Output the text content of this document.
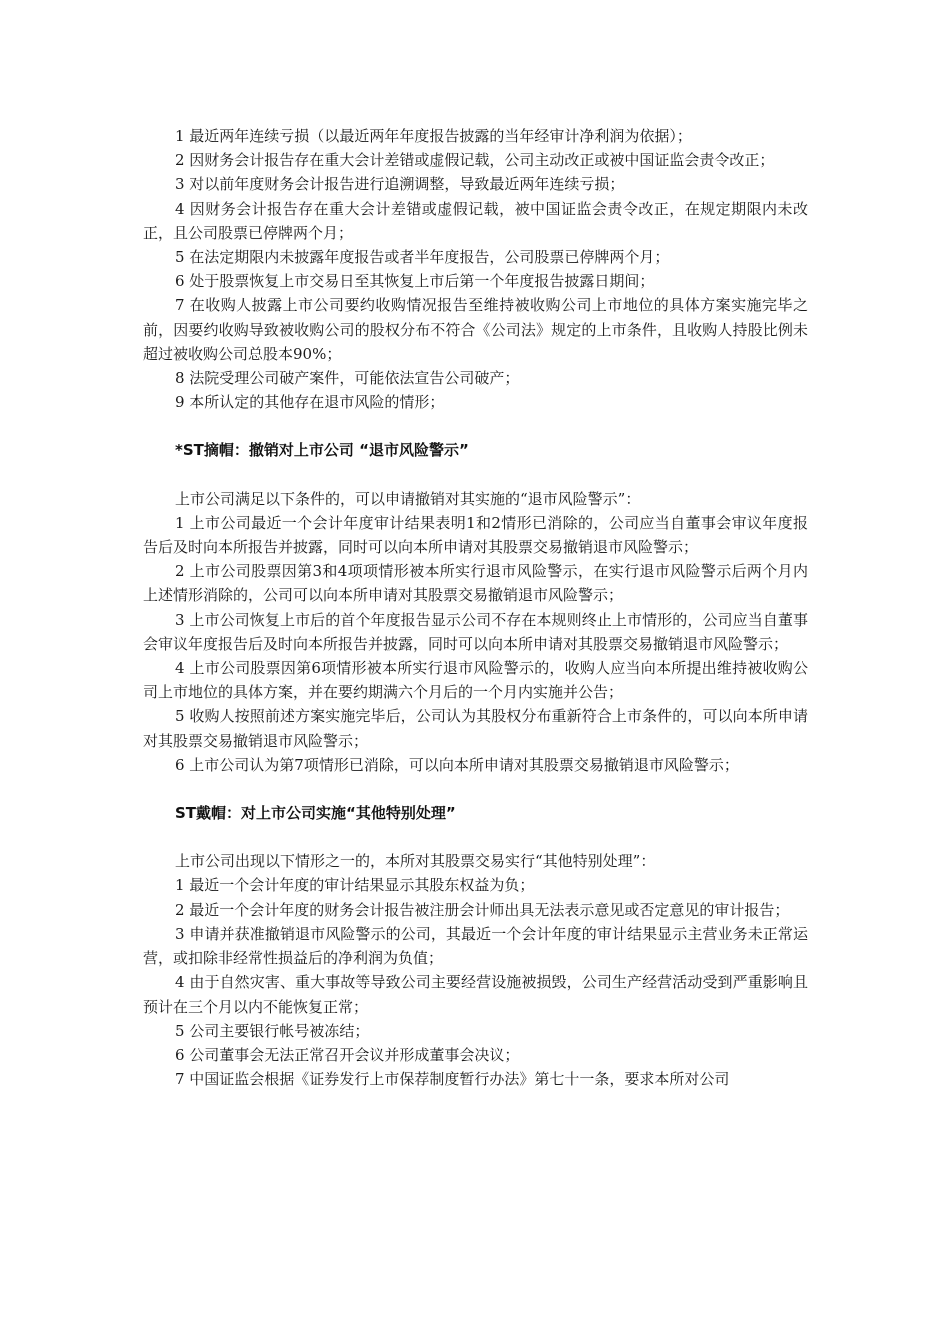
1 最近两年连续亏损（以最近两年年度报告披露的当年经审计净利润为依据）；

2 因财务会计报告存在重大会计差错或虚假记载，公司主动改正或被中国证监会责令改正；

3 对以前年度财务会计报告进行追溯调整，导致最近两年连续亏损；

4 因财务会计报告存在重大会计差错或虚假记载，被中国证监会责令改正，在规定期限内未改正，且公司股票已停牌两个月；

5 在法定期限内未披露年度报告或者半年度报告，公司股票已停牌两个月；

6 处于股票恢复上市交易日至其恢复上市后第一个年度报告披露日期间；

7 在收购人披露上市公司要约收购情况报告至维持被收购公司上市地位的具体方案实施完毕之前，因要约收购导致被收购公司的股权分布不符合《公司法》规定的上市条件，且收购人持股比例未超过被收购公司总股本90%；

8 法院受理公司破产案件，可能依法宣告公司破产；

9 本所认定的其他存在退市风险的情形；

*ST摘帽：撤销对上市公司 “退市风险警示”

上市公司满足以下条件的，可以申请撤销对其实施的“退市风险警示”：

1 上市公司最近一个会计年度审计结果表明1和2情形已消除的，公司应当自董事会审议年度报告后及时向本所报告并披露，同时可以向本所申请对其股票交易撤销退市风险警示；

2 上市公司股票因第3和4项项情形被本所实行退市风险警示，在实行退市风险警示后两个月内上述情形消除的，公司可以向本所申请对其股票交易撤销退市风险警示；

3 上市公司恢复上市后的首个年度报告显示公司不存在本规则终止上市情形的，公司应当自董事会审议年度报告后及时向本所报告并披露，同时可以向本所申请对其股票交易撤销退市风险警示；

4 上市公司股票因第6项情形被本所实行退市风险警示的，收购人应当向本所提出维持被收购公司上市地位的具体方案，并在要约期满六个月后的一个月内实施并公告；

5 收购人按照前述方案实施完毕后，公司认为其股权分布重新符合上市条件的，可以向本所申请对其股票交易撤销退市风险警示；

6 上市公司认为第7项情形已消除，可以向本所申请对其股票交易撤销退市风险警示；

ST戴帽：对上市公司实施“其他特别处理”

上市公司出现以下情形之一的，本所对其股票交易实行“其他特别处理”：

1 最近一个会计年度的审计结果显示其股东权益为负；

2 最近一个会计年度的财务会计报告被注册会计师出具无法表示意见或否定意见的审计报告；

3 申请并获准撤销退市风险警示的公司，其最近一个会计年度的审计结果显示主营业务未正常运营，或扣除非经常性损益后的净利润为负值；

4 由于自然灾害、重大事故等导致公司主要经营设施被损毁，公司生产经营活动受到严重影响且预计在三个月以内不能恢复正常；

5 公司主要银行帐号被冻结；

6 公司董事会无法正常召开会议并形成董事会决议；

7 中国证监会根据《证券发行上市保荐制度暂行办法》第七十一条，要求本所对公司
